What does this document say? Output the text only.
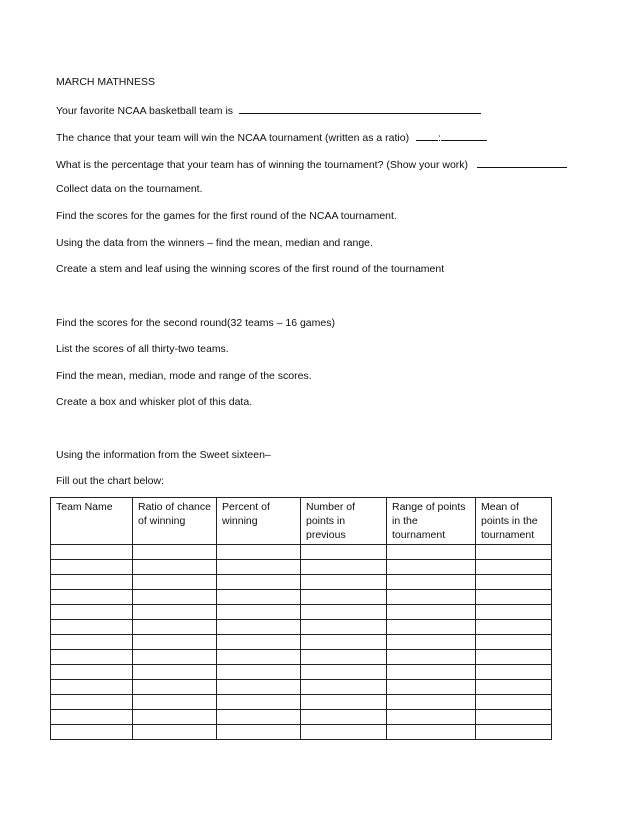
MARCH MATHNESS
Your favorite NCAA basketball team is
The chance that your team will win the NCAA tournament (written as a ratio)	:
What is the percentage that your team has of winning the tournament? (Show your work)
Collect data on the tournament.
Find the scores for the games for the first round of the NCAA tournament.
Using the data from the winners – find the mean, median and range.
Create a stem and leaf using the winning scores of the first round of the tournament
Find the scores for the second round(32 teams – 16 games)
List the scores of all thirty-two teams.
Find the mean, median, mode and range of the scores.
Create a box and whisker plot of this data.
Using the information from the Sweet sixteen–
Fill out the chart below:
Team Name	Ratio of chance of winning	Percent of winning	Number of points in previous	Range of points in the tournament	Mean of points in the tournament
